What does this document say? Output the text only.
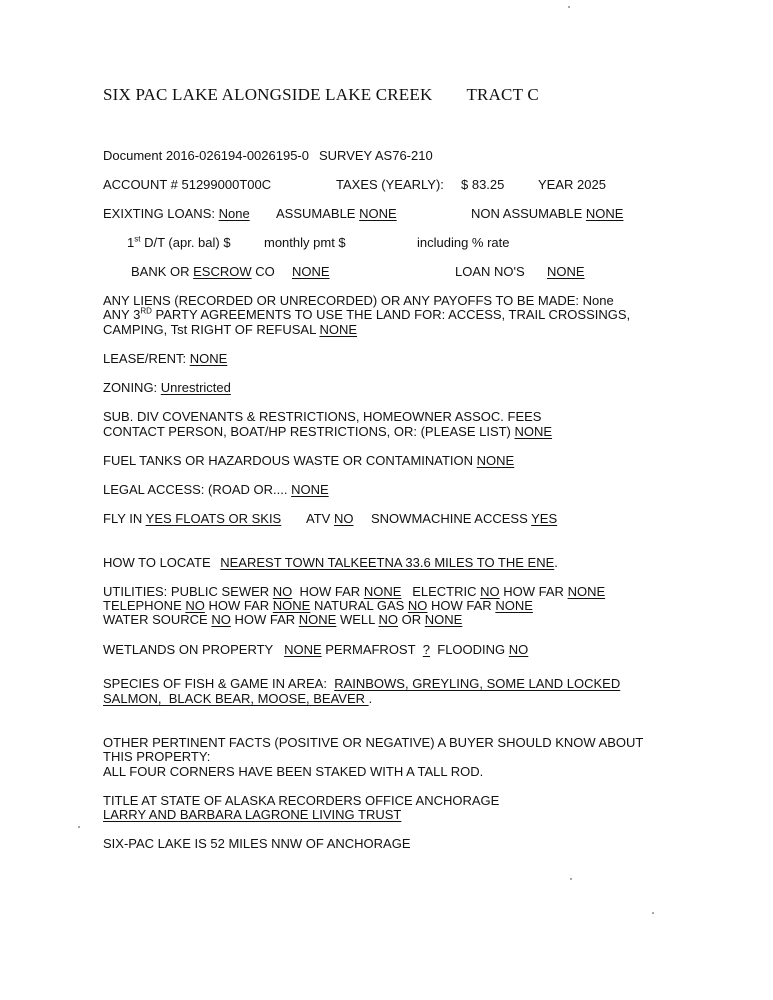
SIX PAC LAKE ALONGSIDE LAKE CREEK TRACT C
Document 2016-026194-0026195-0 SURVEY AS76-210
ACCOUNT # 51299000T00C	TAXES (YEARLY): $ 83.25	YEAR 2025
EXIXTING LOANS: None ASSUMABLE NONE	NON ASSUMABLE NONE
1st D/T (apr. bal) $	monthly pmt $	including % rate
BANK OR ESCROW CO NONE	LOAN NO'S NONE
ANY LIENS (RECORDED OR UNRECORDED) OR ANY PAYOFFS TO BE MADE: None
ANY 3RD PARTY AGREEMENTS TO USE THE LAND FOR: ACCESS, TRAIL CROSSINGS,
CAMPING, Tst RIGHT OF REFUSAL NONE
LEASE/RENT: NONE
ZONING: Unrestricted
SUB. DIV COVENANTS & RESTRICTIONS, HOMEOWNER ASSOC. FEES
CONTACT PERSON, BOAT/HP RESTRICTIONS, OR: (PLEASE LIST) NONE
FUEL TANKS OR HAZARDOUS WASTE OR CONTAMINATION NONE
LEGAL ACCESS: (ROAD OR.... NONE
FLY IN YES FLOATS OR SKIS ATV NO SNOWMACHINE ACCESS YES
HOW TO LOCATE NEAREST TOWN TALKEETNA 33.6 MILES TO THE ENE.
UTILITIES: PUBLIC SEWER NO HOW FAR NONE ELECTRIC NO HOW FAR NONE
TELEPHONE NO HOW FAR NONE NATURAL GAS NO HOW FAR NONE
WATER SOURCE NO HOW FAR NONE WELL NO OR NONE
WETLANDS ON PROPERTY NONE PERMAFROST ? FLOODING NO
SPECIES OF FISH & GAME IN AREA: RAINBOWS, GREYLING, SOME LAND LOCKED
SALMON,  BLACK BEAR, MOOSE, BEAVER .
OTHER PERTINENT FACTS (POSITIVE OR NEGATIVE) A BUYER SHOULD KNOW ABOUT
THIS PROPERTY:
ALL FOUR CORNERS HAVE BEEN STAKED WITH A TALL ROD.
TITLE AT STATE OF ALASKA RECORDERS OFFICE ANCHORAGE
LARRY AND BARBARA LAGRONE LIVING TRUST
SIX-PAC LAKE IS 52 MILES NNW OF ANCHORAGE
